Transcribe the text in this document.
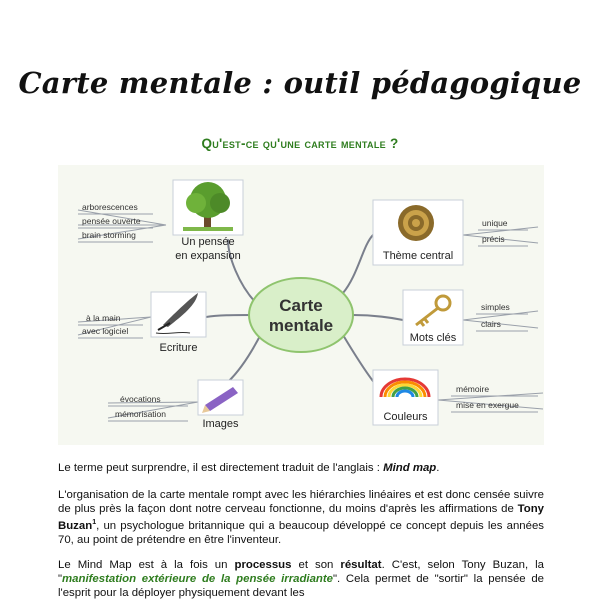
Carte mentale : outil pédagogique
Qu'est-ce qu'une carte mentale ?
Carte
mentale
Un pensée
en expansion
Ecriture
Images
Thème central
Mots clés
Couleurs
arborescences
pensée ouverte
brain storming
à la main
avec logiciel
évocations
mémorisation
unique
précis
simples
clairs
mémoire
mise en exergue
Le terme peut surprendre, il est directement traduit de l'anglais : Mind map.
L'organisation de la carte mentale rompt avec les hiérarchies linéaires et est donc censée suivre de plus près la façon dont notre cerveau fonctionne, du moins d'après les affirmations de Tony Buzan$^1$, un psychologue britannique qui a beaucoup développé ce concept depuis les années 70, au point de prétendre en être l'inventeur.
Le Mind Map est à la fois un processus et son résultat. C'est, selon Tony Buzan, la "manifestation extérieure de la pensée irradiante". Cela permet de "sortir" la pensée de l'esprit pour la déployer physiquement devant les
